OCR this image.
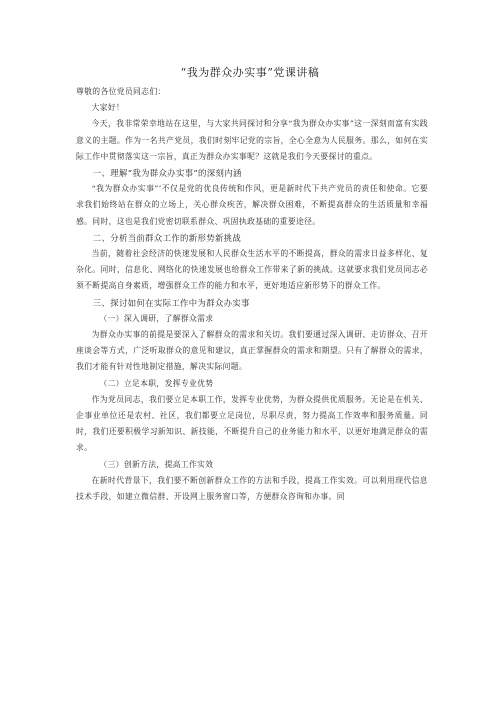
“我为群众办实事”党课讲稿

尊敬的各位党员同志们：

大家好！

今天，我非常荣幸地站在这里，与大家共同探讨和分享“我为群众办实事”这一深刻而富有实践意义的主题。作为一名共产党员，我们时刻牢记党的宗旨，全心全意为人民服务。那么，如何在实际工作中贯彻落实这一宗旨，真正为群众办实事呢？这就是我们今天要探讨的重点。

一、理解“我为群众办实事”的深刻内涵

“我为群众办实事”’不仅是党的优良传统和作风，更是新时代下共产党员的责任和使命。它要求我们始终站在群众的立场上，关心群众疾苦，解决群众困难，不断提高群众的生活质量和幸福感。同时，这也是我们党密切联系群众、巩固执政基础的重要途径。

二、分析当前群众工作的新形势新挑战

当前，随着社会经济的快速发展和人民群众生活水平的不断提高，群众的需求日益多样化、复杂化。同时，信息化、网络化的快速发展也给群众工作带来了新的挑战。这就要求我们党员同志必须不断提高自身素质，增强群众工作的能力和水平，更好地适应新形势下的群众工作。

三、探讨如何在实际工作中为群众办实事

（一）深入调研，了解群众需求

为群众办实事的前提是要深入了解群众的需求和关切。我们要通过深入调研、走访群众、召开座谈会等方式，广泛听取群众的意见和建议，真正掌握群众的需求和期望。只有了解群众的需求，我们才能有针对性地制定措施，解决实际问题。

（二）立足本职，发挥专业优势

作为党员同志，我们要立足本职工作，发挥专业优势，为群众提供优质服务。无论是在机关、企事业单位还是农村、社区，我们都要立足岗位，尽职尽责，努力提高工作效率和服务质量。同时，我们还要积极学习新知识、新技能，不断提升自己的业务能力和水平，以更好地满足群众的需求。

（三）创新方法，提高工作实效

在新时代背景下，我们要不断创新群众工作的方法和手段，提高工作实效。可以利用现代信息技术手段，如建立微信群、开设网上服务窗口等，方便群众咨询和办事。同
